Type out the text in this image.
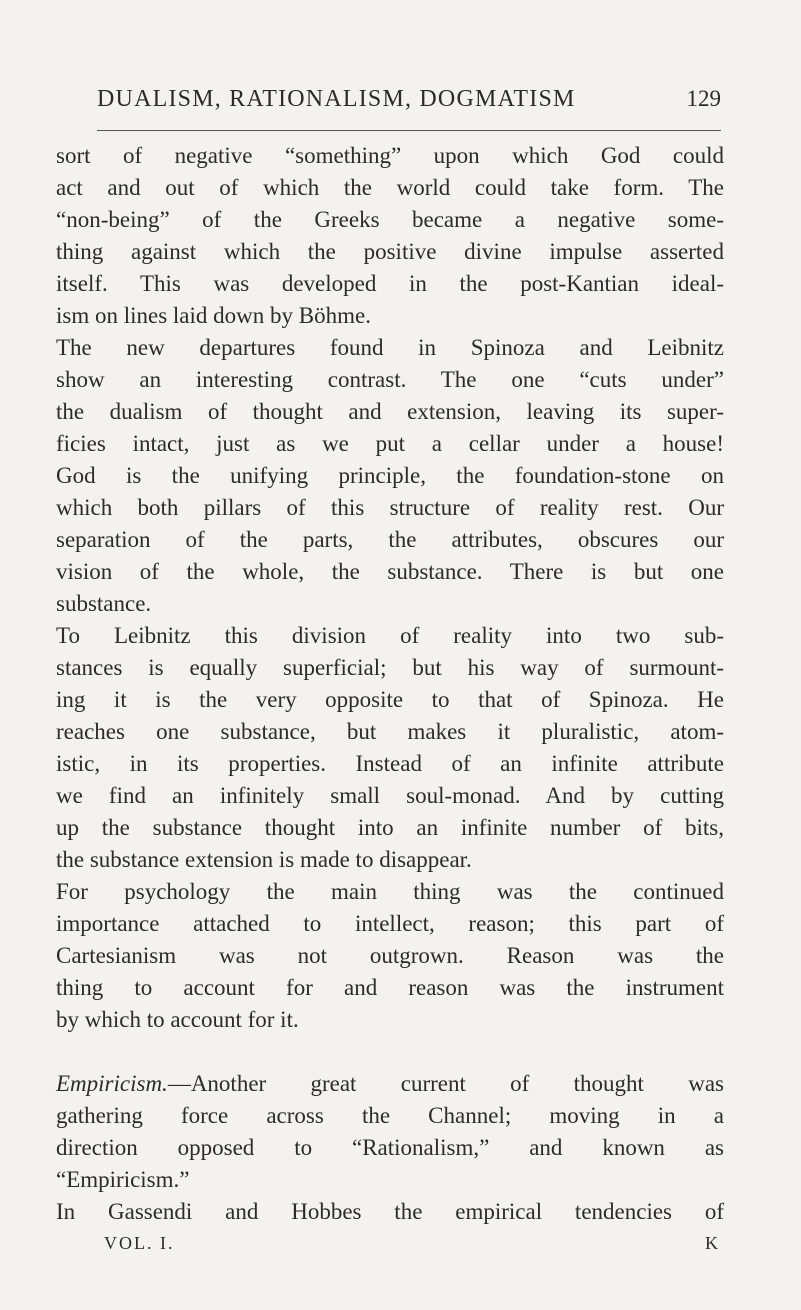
DUALISM, RATIONALISM, DOGMATISM	129
sort of negative “something” upon which God could
act and out of which the world could take form. The
“non-being” of the Greeks became a negative some-
thing against which the positive divine impulse asserted
itself. This was developed in the post-Kantian ideal-
ism on lines laid down by Böhme.
The new departures found in Spinoza and Leibnitz
show an interesting contrast. The one “cuts under”
the dualism of thought and extension, leaving its super-
ficies intact, just as we put a cellar under a house!
God is the unifying principle, the foundation-stone on
which both pillars of this structure of reality rest. Our
separation of the parts, the attributes, obscures our
vision of the whole, the substance. There is but one
substance.
To Leibnitz this division of reality into two sub-
stances is equally superficial; but his way of surmount-
ing it is the very opposite to that of Spinoza. He
reaches one substance, but makes it pluralistic, atom-
istic, in its properties. Instead of an infinite attribute
we find an infinitely small soul-monad. And by cutting
up the substance thought into an infinite number of bits,
the substance extension is made to disappear.
For psychology the main thing was the continued
importance attached to intellect, reason; this part of
Cartesianism was not outgrown. Reason was the
thing to account for and reason was the instrument
by which to account for it.
Empiricism.—Another great current of thought was
gathering force across the Channel; moving in a
direction opposed to “Rationalism,” and known as
“Empiricism.”
In Gassendi and Hobbes the empirical tendencies of
VOL. I.	K
